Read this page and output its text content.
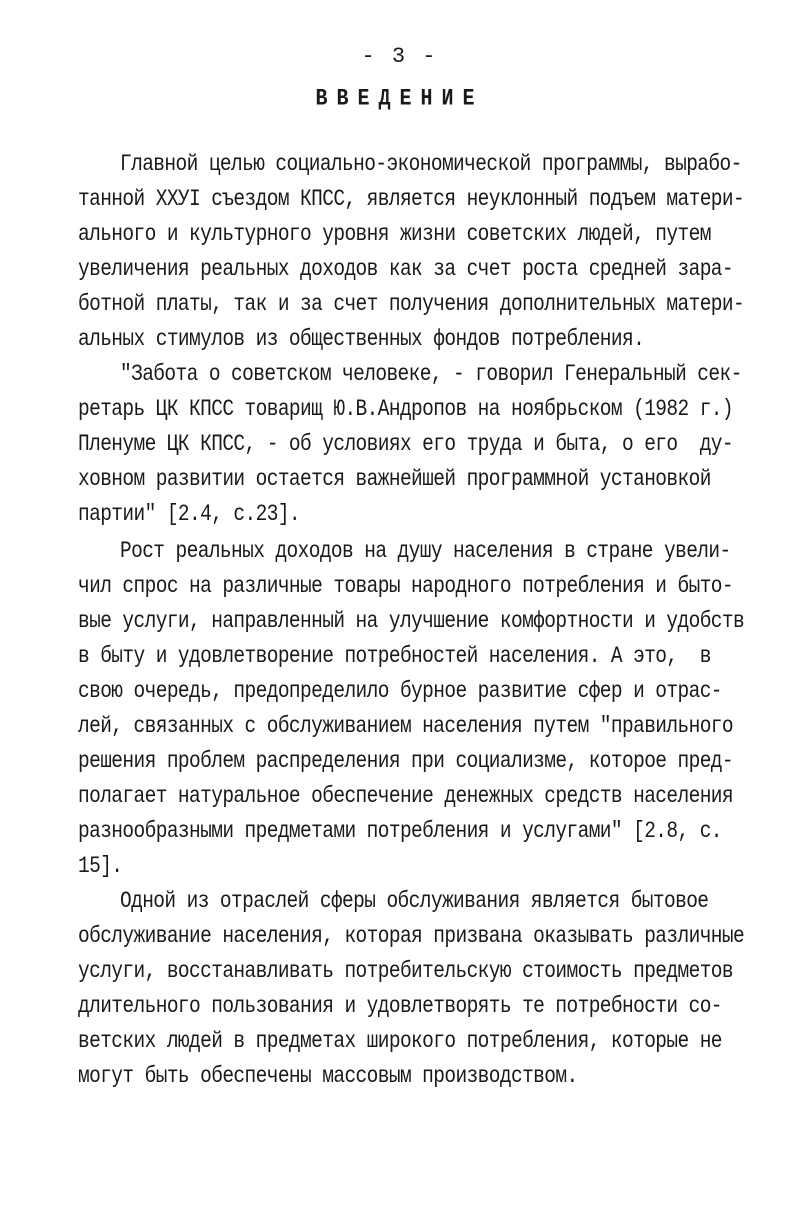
- 3 -
ВВЕДЕНИЕ
Главной целью социально-экономической программы, вырабо-
танной XXУI съездом КПСС, является неуклонный подъем матери-
ального и культурного уровня жизни советских людей, путем
увеличения реальных доходов как за счет роста средней зара-
ботной платы, так и за счет получения дополнительных матери-
альных стимулов из общественных фондов потребления.
"Забота о советском человеке, - говорил Генеральный сек-
ретарь ЦК КПСС товарищ Ю.В.Андропов на ноябрьском (1982 г.)
Пленуме ЦК КПСС, - об условиях его труда и быта, о его  ду-
ховном развитии остается важнейшей программной установкой
партии" [2.4, с.23].
Рост реальных доходов на душу населения в стране увели-
чил спрос на различные товары народного потребления и быто-
вые услуги, направленный на улучшение комфортности и удобств
в быту и удовлетворение потребностей населения. А это,  в
свою очередь, предопределило бурное развитие сфер и отрас-
лей, связанных с обслуживанием населения путем "правильного
решения проблем распределения при социализме, которое пред-
полагает натуральное обеспечение денежных средств населения
разнообразными предметами потребления и услугами" [2.8, с.
15].
Одной из отраслей сферы обслуживания является бытовое
обслуживание населения, которая призвана оказывать различные
услуги, восстанавливать потребительскую стоимость предметов
длительного пользования и удовлетворять те потребности со-
ветских людей в предметах широкого потребления, которые не
могут быть обеспечены массовым производством.
